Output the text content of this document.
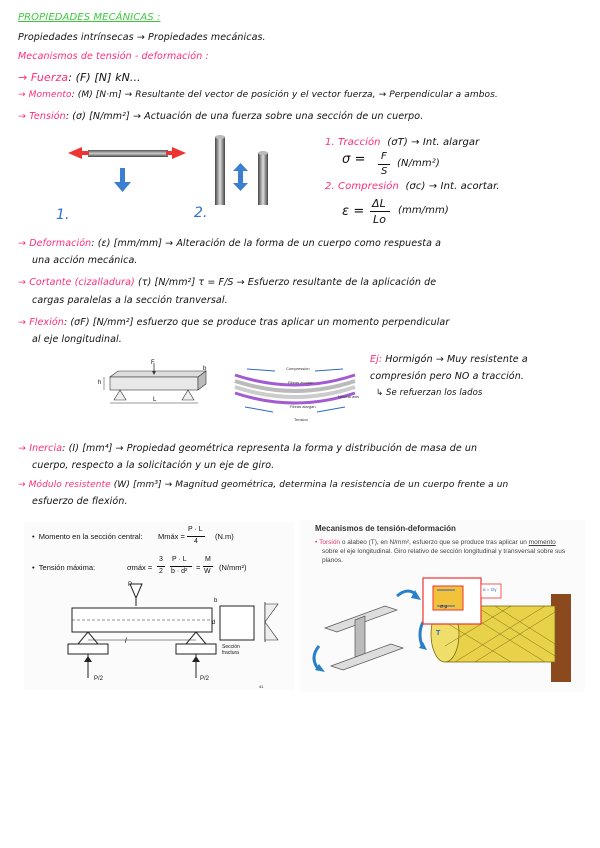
PROPIEDADES MECÁNICAS :
Propiedades intrínsecas → Propiedades mecánicas.
Mecanismos de tensión - deformación :
→ Fuerza: (F) [N] kN...
→ Momento: (M) [N·m] → Resultante del vector de posición y el vector fuerza, → Perpendicular a ambos.
→ Tensión: (σ) [N/mm²] → Actuación de una fuerza sobre una sección de un cuerpo.
1.	2.
1. Tracción (σT) → Int. alargar
σ = F
S
(N/mm²)
2. Compresión (σc) → Int. acortar.
ε =
ΔL
Lo
(mm/mm)
→ Deformación: (ε) [mm/mm] → Alteración de la forma de un cuerpo como respuesta a
una acción mecánica.
→ Cortante (cizalladura) (τ) [N/mm²] τ = F/S → Esfuerzo resultante de la aplicación de
cargas paralelas a la sección tranversal.
→ Flexión: (σF) [N/mm²] esfuerzo que se produce tras aplicar un momento perpendicular
al eje longitudinal.
F
h
b
L
Compression
Fibras acortan
Neutral axis
Fibras alargan
Tension
Ej: Hormigón → Muy resistente a
compresión pero NO a tracción.
↳ Se refuerzan los lados
→ Inercia: (I) [mm⁴] → Propiedad geométrica representa la forma y distribución de masa de un
cuerpo, respecto a la solicitación y un eje de giro.
→ Módulo resistente (W) [mm³] → Magnitud geométrica, determina la resistencia de un cuerpo frente a un
esfuerzo de flexión.
•  Momento en la sección central: Mmáx =
P · L
4
(N.m)
•  Tensión máxima:	σmáx =
3
2
P · L
b · d² =
M
W (N/mm²)
P
l
P/2	P/2
b
d
Sección fractura
41
Mecanismos de tensión-deformación
• Torsión o alabeo (T), en N/mm², esfuerzo que se produce tras aplicar un momento
sobre el eje longitudinal. Giro relativo de sección longitudinal y transversal sobre sus
planos.
T
α = Gγ
σ μ
